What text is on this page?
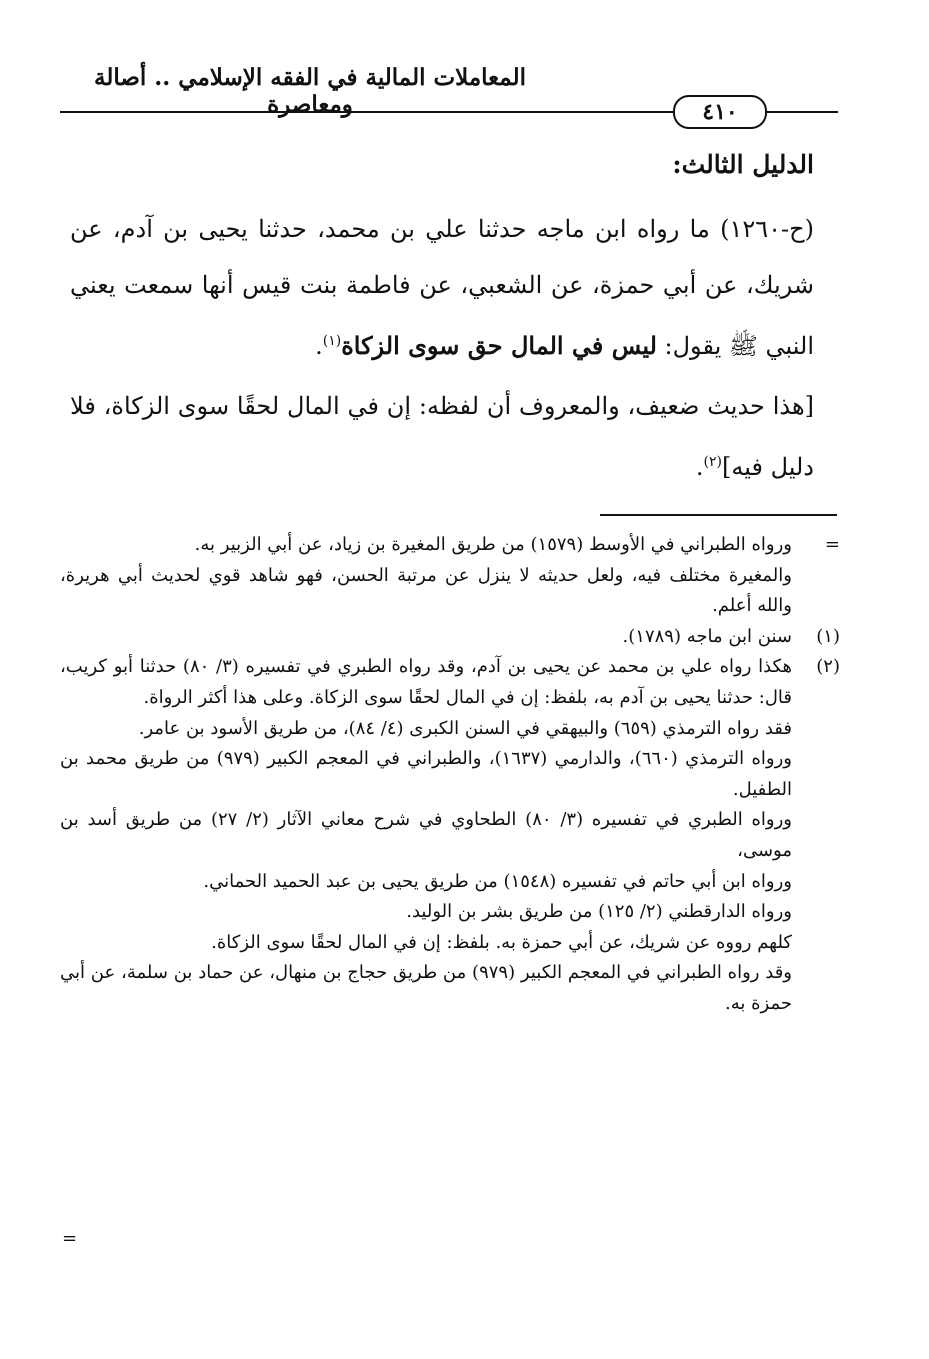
المعاملات المالية في الفقه الإسلامي .. أصالة ومعاصرة	٤١٠
الدليل الثالث:

(ح-١٢٦٠) ما رواه ابن ماجه حدثنا علي بن محمد، حدثنا يحيى بن آدم، عن شريك، عن أبي حمزة، عن الشعبي، عن فاطمة بنت قيس أنها سمعت يعني النبي ﷺ يقول: ليس في المال حق سوى الزكاة$^{(١)}$.

[هذا حديث ضعيف، والمعروف أن لفظه: إن في المال لحقًا سوى الزكاة، فلا دليل فيه]$^{(٢)}$.

=
ورواه الطبراني في الأوسط (١٥٧٩) من طريق المغيرة بن زياد، عن أبي الزبير به.

والمغيرة مختلف فيه، ولعل حديثه لا ينزل عن مرتبة الحسن، فهو شاهد قوي لحديث أبي هريرة، والله أعلم.

(١)
سنن ابن ماجه (١٧٨٩).

(٢)
هكذا رواه علي بن محمد عن يحيى بن آدم، وقد رواه الطبري في تفسيره (٣/ ٨٠) حدثنا أبو كريب، قال: حدثنا يحيى بن آدم به، بلفظ: إن في المال لحقًا سوى الزكاة. وعلى هذا أكثر الرواة.

فقد رواه الترمذي (٦٥٩) والبيهقي في السنن الكبرى (٤/ ٨٤)، من طريق الأسود بن عامر.

ورواه الترمذي (٦٦٠)، والدارمي (١٦٣٧)، والطبراني في المعجم الكبير (٩٧٩) من طريق محمد بن الطفيل.

ورواه الطبري في تفسيره (٣/ ٨٠) الطحاوي في شرح معاني الآثار (٢/ ٢٧) من طريق أسد بن موسى،

ورواه ابن أبي حاتم في تفسيره (١٥٤٨) من طريق يحيى بن عبد الحميد الحماني.

ورواه الدارقطني (٢/ ١٢٥) من طريق بشر بن الوليد.

كلهم رووه عن شريك، عن أبي حمزة به. بلفظ: إن في المال لحقًا سوى الزكاة.

وقد رواه الطبراني في المعجم الكبير (٩٧٩) من طريق حجاج بن منهال، عن حماد بن سلمة، عن أبي حمزة به.

=
